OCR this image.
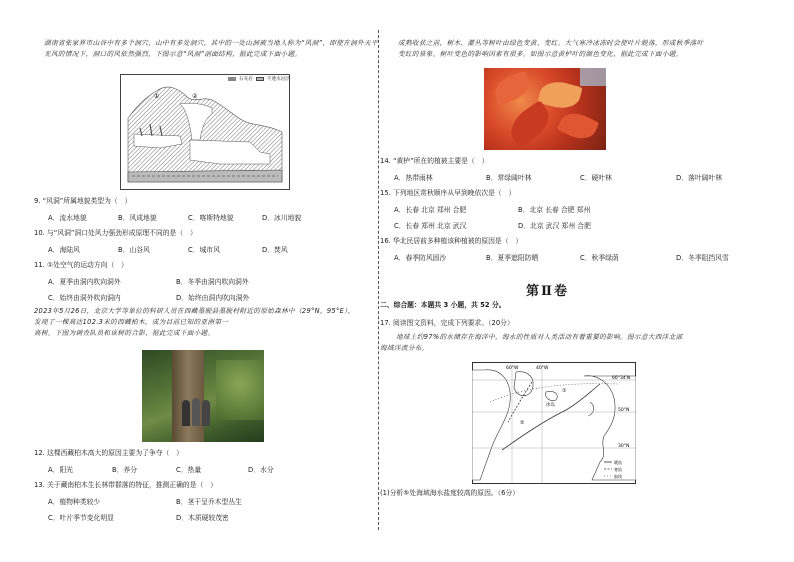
湖南省张家界市山谷中有多个洞穴，山中有多处洞穴，其中的一处山洞被当地人称为“风洞”，即使在洞外天平
无风的情况下，洞口的风依然强烈，下图示意“风洞”剖面结构，据此完成下面小题。
①	②
石灰岩	不透水岩层
9. “风洞”所属地貌类型为（　）
A．流水地貌	B．风成地貌	C．喀斯特地貌	D．冰川地貌
10. 与“风洞”洞口处风力强劲形成原理不同的是（　）
A．海陆风	B．山谷风	C．城市风	D．焚风
11. ①处空气的运动方向（　）
A．夏季由洞内吹向洞外	B．冬季由洞内吹向洞外
C．始终由洞外吹向洞内	D．始终由洞内吹向洞外
2023年5月26日，北京大学等单位的科研人员在西藏墨脱县墨脱村附近的原始森林中（29°N，95°E），
发现了一棵高达102.3米的西藏柏木，成为目前已知的亚洲第一
高树。下图为调查队员和该树的合影，据此完成下面小题。
12. 这棵西藏柏木高大的原因主要为了争夺（　）
A．阳光	B．养分	C．热量	D．水分
13. 关于藏南柏木生长林带群落的特征，推测正确的是（　）
A．植物种类较少	B．茎干呈乔木型丛生
C．叶片季节变化明显	D．木质硬较茂密
成熟收获之前，树木、灌丛等树叶由绿色变黄、变红。大气寒冷冰冻时会使叶片脱落，形成秋季落叶
变红的景象。树叶变色的影响因素有很多。如图示意黄栌叶的颜色变化，据此完成下面小题。
14. “黄栌”所在的植被主要是（　）
A．热带雨林	B．常绿阔叶林	C．硬叶林	D．落叶阔叶林
15. 下列地区赏秋顺序从早到晚依次是（　）
A．长春 北京 郑州 合肥	B．北京 长春 合肥 郑州
C．长春 郑州 北京 武汉	D．北京 武汉 郑州 合肥
16. 华北民居前多种植该种植被的原因是（　）
A．春季防风固沙	B．夏季遮阳防晒	C．秋季绿荫	D．冬季阻挡风雪
第Ⅱ卷
二、综合题：本题共 3 小题，共 52 分。
17. 阅读图文资料，完成下列要求。（20分）
地球上约97%的水储存在海洋中，海水的性质对人类活动有着重要的影响。图示意大西洋北部
海域洋流分布。
60°W	40°W
66°34′N
50°N
30°N
①
②
冰岛
暖流
寒流
航线
(1)分析⑤处海域海水盐度较高的原因。（6分）
